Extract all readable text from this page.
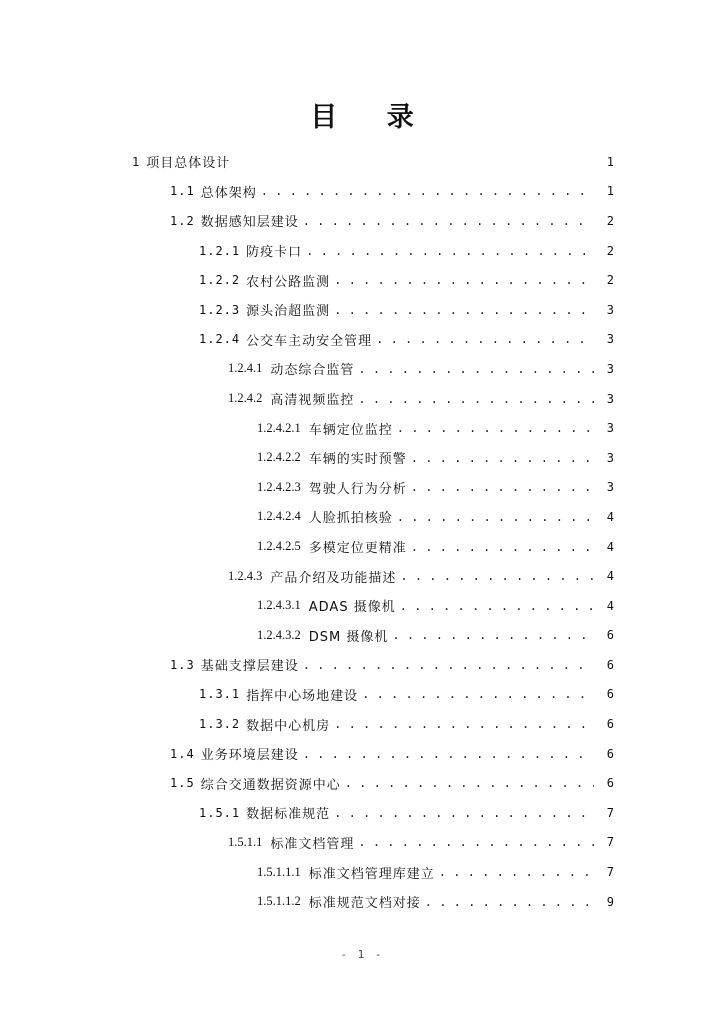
目 录
1 项目总体设计	1
1.1 总体架构 . . .	1
1.2 数据感知层建设 . . .	2
1.2.1 防疫卡口 . . .	2
1.2.2 农村公路监测 . . .	2
1.2.3 源头治超监测 . . .	3
1.2.4 公交车主动安全管理 . . .	3
1.2.4.1 动态综合监管 . . .	3
1.2.4.2 高清视频监控 . . .	3
1.2.4.2.1 车辆定位监控 . . .	3
1.2.4.2.2 车辆的实时预警 . . .	3
1.2.4.2.3 驾驶人行为分析 . . .	3
1.2.4.2.4 人脸抓拍核验 . . .	4
1.2.4.2.5 多模定位更精准 . . .	4
1.2.4.3 产品介绍及功能描述 . . .	4
1.2.4.3.1 ADAS 摄像机 . . .	4
1.2.4.3.2 DSM 摄像机 . . .	6
1.3 基础支撑层建设 . . .	6
1.3.1 指挥中心场地建设 . . .	6
1.3.2 数据中心机房 . . .	6
1.4 业务环境层建设 . . .	6
1.5 综合交通数据资源中心 . . .	6
1.5.1 数据标准规范 . . .	7
1.5.1.1 标准文档管理 . . .	7
1.5.1.1.1 标准文档管理库建立 . . .	7
1.5.1.1.2 标准规范文档对接 . . .	9
- 1 -
